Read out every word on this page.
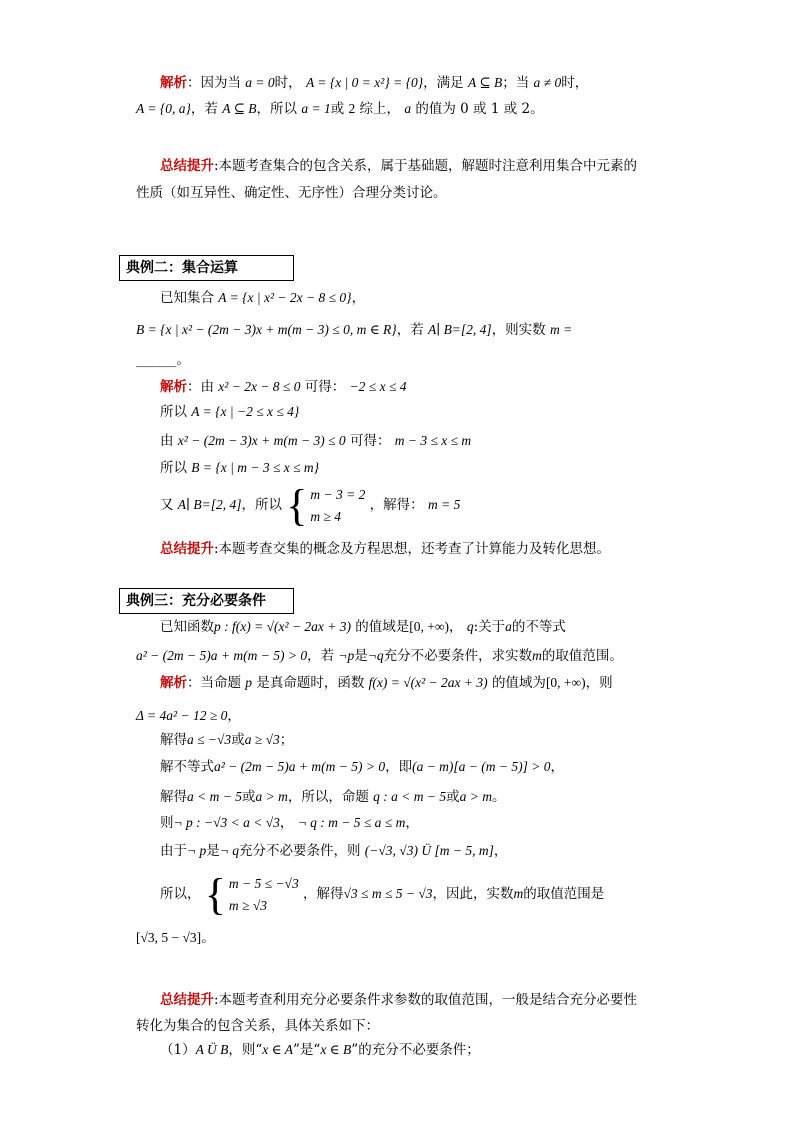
解析：因为当 a = 0时， A = {x | 0 = x²} = {0}，满足 A ⊆ B；当 a ≠ 0时，
A = {0, a}，若 A ⊆ B，所以 a = 1或 2 综上， a 的值为 0 或 1 或 2。
总结提升:本题考查集合的包含关系，属于基础题，解题时注意利用集合中元素的
性质（如互异性、确定性、无序性）合理分类讨论。
典例二：集合运算
已知集合 A = {x | x² − 2x − 8 ≤ 0}，
B = {x | x² − (2m − 3)x + m(m − 3) ≤ 0, m ∈ R}，若 A∣ B=[2, 4]，则实数 m =
______。
解析：由 x² − 2x − 8 ≤ 0 可得： −2 ≤ x ≤ 4
所以 A = {x | −2 ≤ x ≤ 4}
由 x² − (2m − 3)x + m(m − 3) ≤ 0 可得： m − 3 ≤ x ≤ m
所以 B = {x | m − 3 ≤ x ≤ m}
又 A∣ B=[2, 4]，所以 { m − 3 = 2
m ≥ 4
，解得： m = 5
总结提升:本题考查交集的概念及方程思想，还考查了计算能力及转化思想。
典例三：充分必要条件
已知函数p : f(x) = √(x² − 2ax + 3) 的值域是[0, +∞)， q:关于a的不等式
a² − (2m − 5)a + m(m − 5) > 0，若 ¬p是¬q充分不必要条件，求实数m的取值范围。
解析：当命题 p 是真命题时，函数 f(x) = √(x² − 2ax + 3) 的值域为[0, +∞)，则
Δ = 4a² − 12 ≥ 0，
解得a ≤ −√3或a ≥ √3；
解不等式a² − (2m − 5)a + m(m − 5) > 0，即(a − m)[a − (m − 5)] > 0，
解得a < m − 5或a > m，所以，命题 q : a < m − 5或a > m。
则¬ p : −√3 < a < √3， ¬ q : m − 5 ≤ a ≤ m，
由于¬ p是¬ q充分不必要条件，则 (−√3, √3) Ü [m − 5, m]，
所以， { m − 5 ≤ −√3
m ≥ √3
，解得√3 ≤ m ≤ 5 − √3，因此，实数m的取值范围是
[√3, 5 − √3]。
总结提升:本题考查利用充分必要条件求参数的取值范围，一般是结合充分必要性
转化为集合的包含关系，具体关系如下：
（1）A Ü B，则“x ∈ A”是“x ∈ B”的充分不必要条件；
